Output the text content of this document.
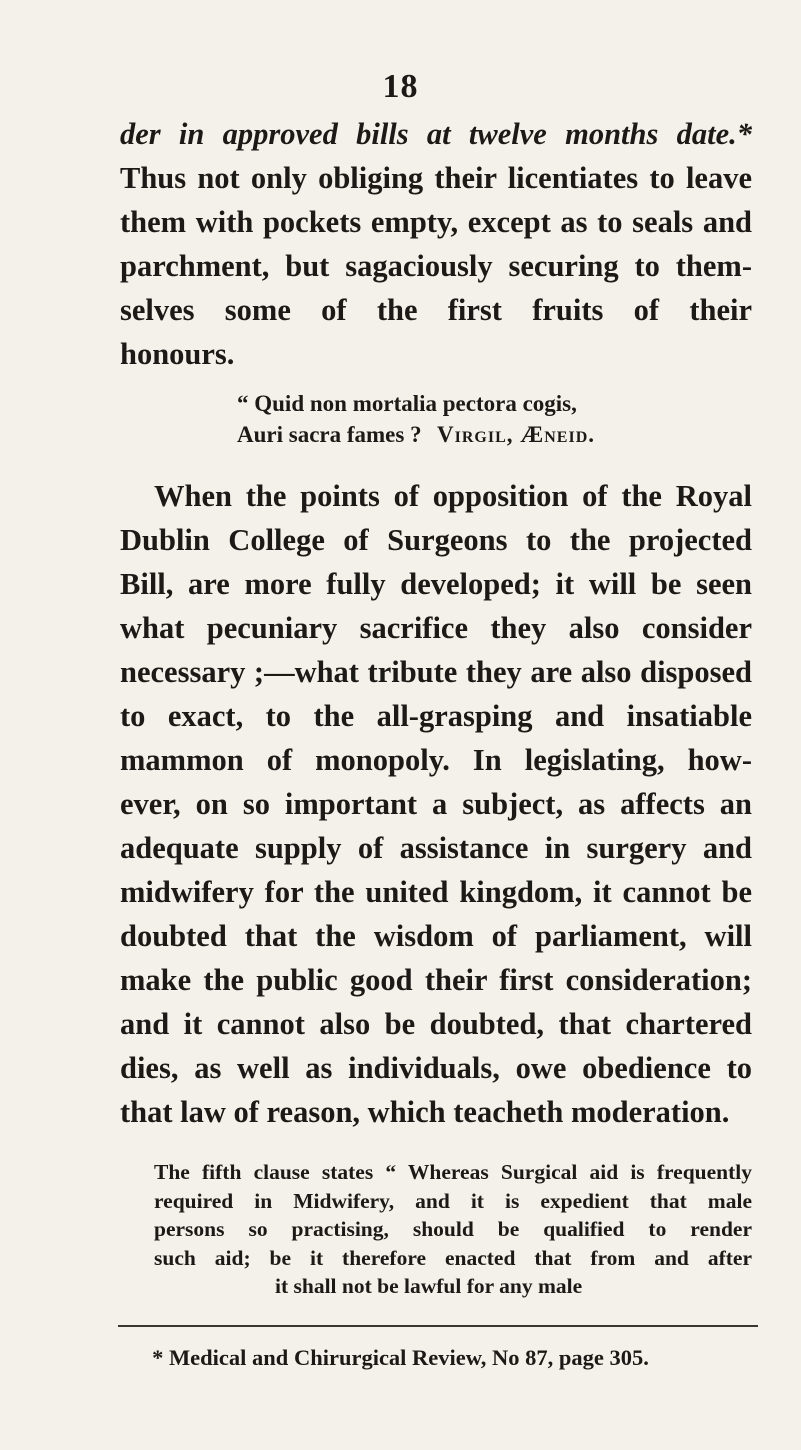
18
der in approved bills at twelve months date.*
Thus not only obliging their licentiates to leave
them with pockets empty, except as to seals and
parchment, but sagaciously securing to them-
selves some of the first fruits of their
honours.
“ Quid non mortalia pectora cogis,
Auri sacra fames ? Virgil, Æneid.
When the points of opposition of the Royal
Dublin College of Surgeons to the projected
Bill, are more fully developed; it will be seen
what pecuniary sacrifice they also consider
necessary ;—what tribute they are also disposed
to exact, to the all-grasping and insatiable
mammon of monopoly. In legislating, how-
ever, on so important a subject, as affects an
adequate supply of assistance in surgery and
midwifery for the united kingdom, it cannot be
doubted that the wisdom of parliament, will
make the public good their first consideration;
and it cannot also be doubted, that chartered
dies, as well as individuals, owe obedience to
that law of reason, which teacheth moderation.
The fifth clause states “ Whereas Surgical aid is frequently
required in Midwifery, and it is expedient that male
persons so practising, should be qualified to render
such aid; be it therefore enacted that from and after
it shall not be lawful for any male
* Medical and Chirurgical Review, No 87, page 305.
